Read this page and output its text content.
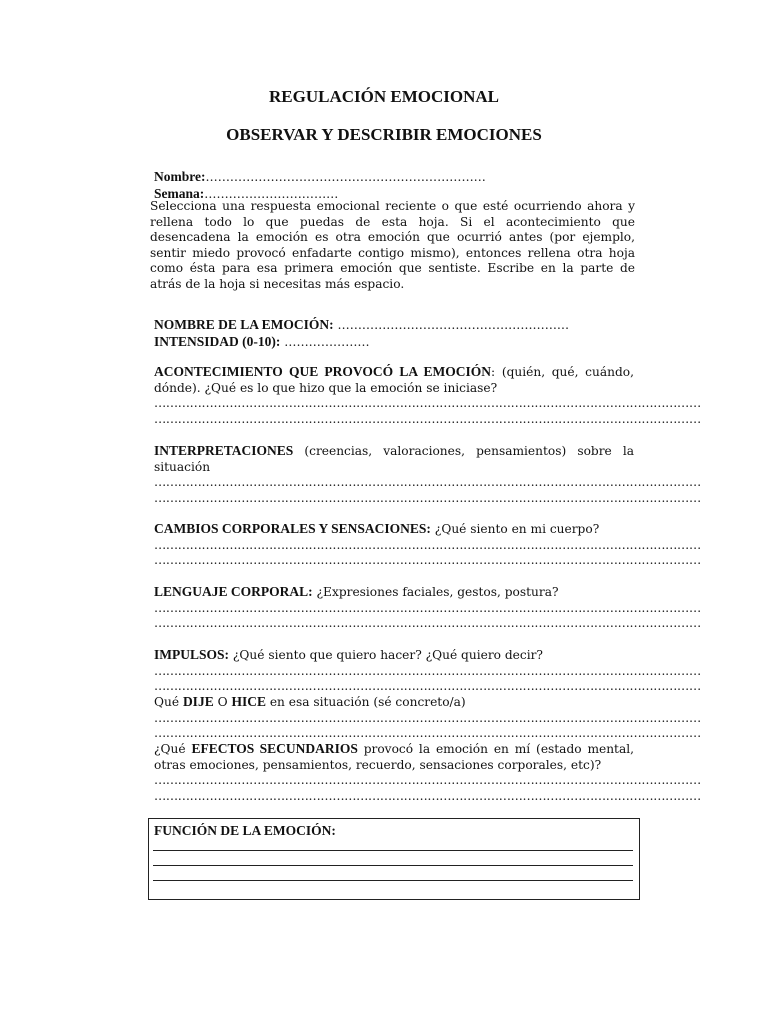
REGULACIÓN EMOCIONAL
OBSERVAR Y DESCRIBIR EMOCIONES
Nombre:……………………………………………………………
Semana:……………………………
Selecciona una respuesta emocional reciente o que esté ocurriendo ahora y rellena todo lo que puedas de esta hoja. Si el acontecimiento que desencadena la emoción es otra emoción que ocurrió antes (por ejemplo, sentir miedo provocó enfadarte contigo mismo), entonces rellena otra hoja como ésta para esa primera emoción que sentiste. Escribe en la parte de atrás de la hoja si necesitas más espacio.
NOMBRE DE LA EMOCIÓN: …………………………………………………
INTENSIDAD (0-10): …………………
ACONTECIMIENTO QUE PROVOCÓ LA EMOCIÓN: (quién, qué, cuándo, dónde). ¿Qué es lo que hizo que la emoción se iniciase?
…………………………………………………………………………………………………………………………
…………………………………………………………………………………………………………………………
INTERPRETACIONES (creencias, valoraciones, pensamientos) sobre la situación
…………………………………………………………………………………………………………………………
…………………………………………………………………………………………………………………………
CAMBIOS CORPORALES Y SENSACIONES: ¿Qué siento en mi cuerpo?
…………………………………………………………………………………………………………………………
…………………………………………………………………………………………………………………………
LENGUAJE CORPORAL: ¿Expresiones faciales, gestos, postura?
…………………………………………………………………………………………………………………………
…………………………………………………………………………………………………………………………
IMPULSOS: ¿Qué siento que quiero hacer? ¿Qué quiero decir?
…………………………………………………………………………………………………………………………
…………………………………………………………………………………………………………………………
Qué DIJE O HICE en esa situación (sé concreto/a)
…………………………………………………………………………………………………………………………
…………………………………………………………………………………………………………………………
¿Qué EFECTOS SECUNDARIOS provocó la emoción en mí (estado mental, otras emociones, pensamientos, recuerdo, sensaciones corporales, etc)?
…………………………………………………………………………………………………………………………
…………………………………………………………………………………………………………………………
FUNCIÓN DE LA EMOCIÓN:
